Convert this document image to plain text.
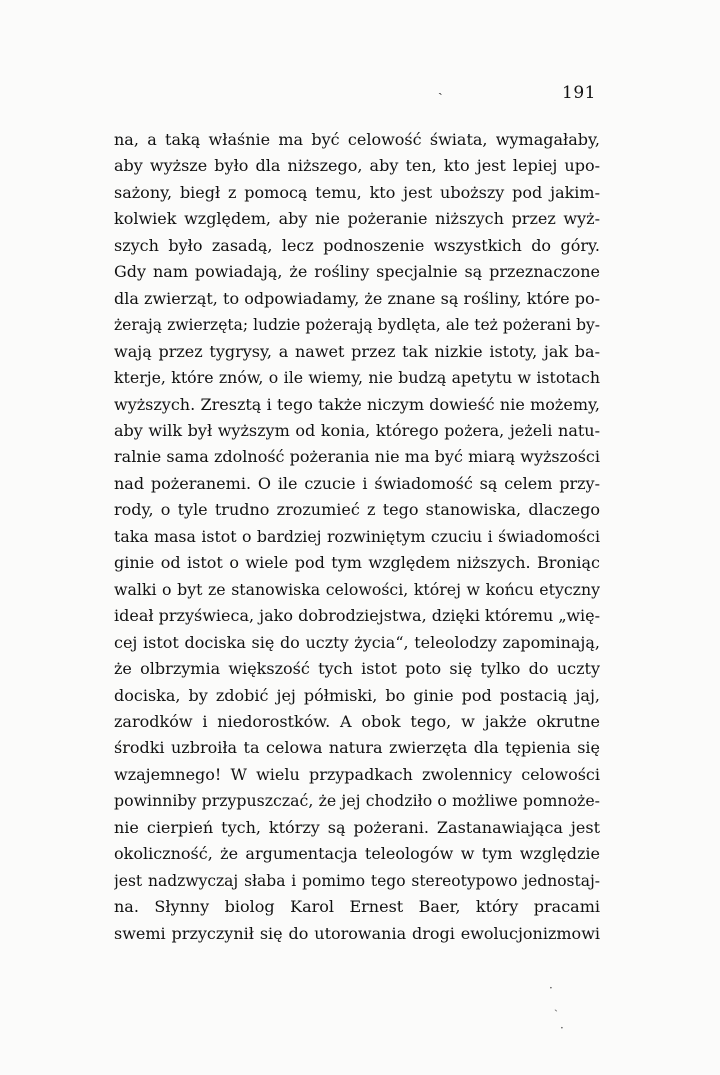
ˎ	191
na, a taką właśnie ma być celowość świata, wymagałaby,
aby wyższe było dla niższego, aby ten, kto jest lepiej upo-
sażony, biegł z pomocą temu, kto jest uboższy pod jakim-
kolwiek względem, aby nie pożeranie niższych przez wyż-
szych było zasadą, lecz podnoszenie wszystkich do góry.
Gdy nam powiadają, że rośliny specjalnie są przeznaczone
dla zwierząt, to odpowiadamy, że znane są rośliny, które po-
żerają zwierzęta; ludzie pożerają bydlęta, ale też pożerani by-
wają przez tygrysy, a nawet przez tak nizkie istoty, jak ba-
kterje, które znów, o ile wiemy, nie budzą apetytu w istotach
wyższych. Zresztą i tego także niczym dowieść nie możemy,
aby wilk był wyższym od konia, którego pożera, jeżeli natu-
ralnie sama zdolność pożerania nie ma być miarą wyższości
nad pożeranemi. O ile czucie i świadomość są celem przy-
rody, o tyle trudno zrozumieć z tego stanowiska, dlaczego
taka masa istot o bardziej rozwiniętym czuciu i świadomości
ginie od istot o wiele pod tym względem niższych. Broniąc
walki o byt ze stanowiska celowości, której w końcu etyczny
ideał przyświeca, jako dobrodziejstwa, dzięki któremu „wię-
cej istot dociska się do uczty życia“, teleolodzy zapominają,
że olbrzymia większość tych istot poto się tylko do uczty
dociska, by zdobić jej półmiski, bo ginie pod postacią jaj,
zarodków i niedorostków. A obok tego, w jakże okrutne
środki uzbroiła ta celowa natura zwierzęta dla tępienia się
wzajemnego! W wielu przypadkach zwolennicy celowości
powinniby przypuszczać, że jej chodziło o możliwe pomnoże-
nie cierpień tych, którzy są pożerani. Zastanawiająca jest
okoliczność, że argumentacja teleologów w tym względzie
jest nadzwyczaj słaba i pomimo tego stereotypowo jednostaj-
na. Słynny biolog Karol Ernest Baer, który pracami
swemi przyczynił się do utorowania drogi ewolucjonizmowi
·
ˏ
·
